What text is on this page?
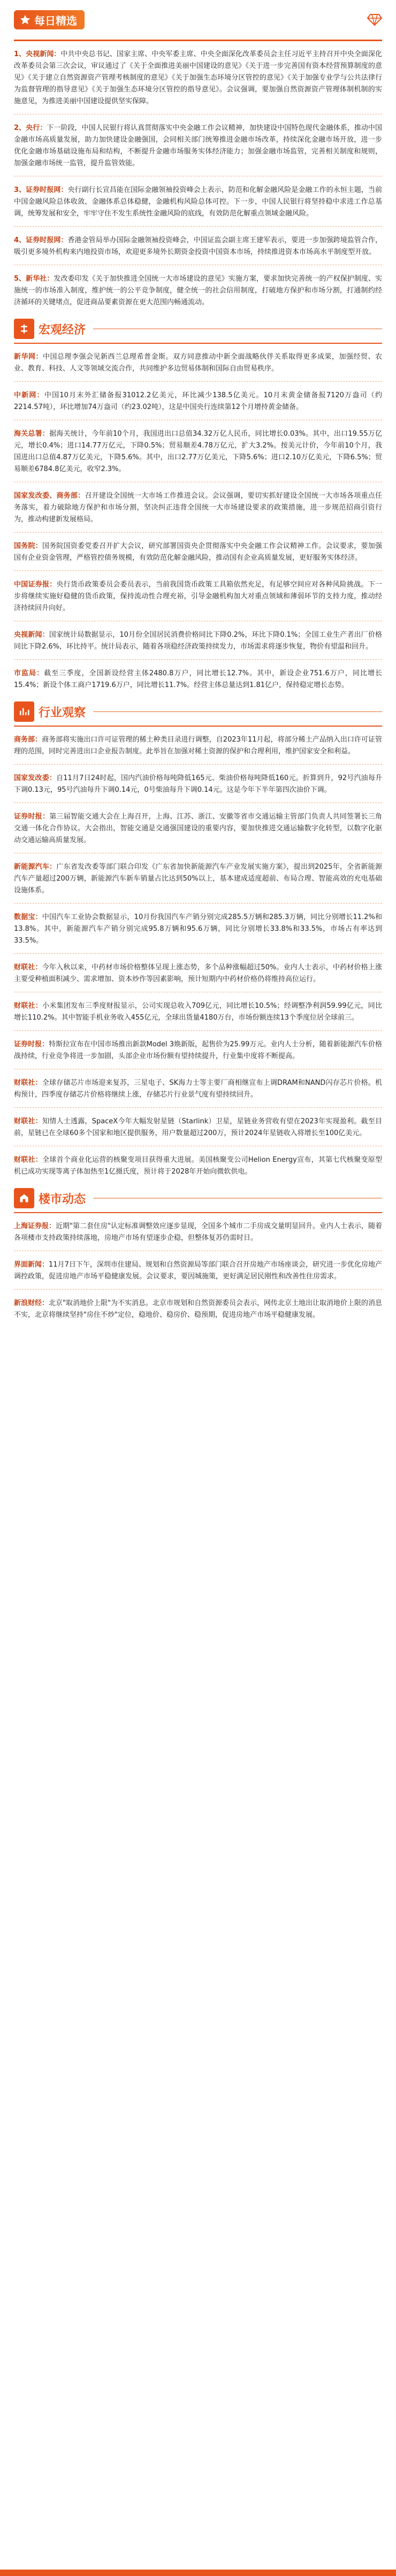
每日精选

1、央视新闻：中共中央总书记、国家主席、中央军委主席、中央全面深化改革委员会主任习近平主持召开中央全面深化改革委员会第三次会议，审议通过了《关于全面推进美丽中国建设的意见》《关于进一步完善国有资本经营预算制度的意见》《关于建立自然资源资产管理考核制度的意见》《关于加强生态环境分区管控的意见》《关于加强专业学与公共法律行为监督管理的指导意见》《关于加强生态环境分区管控的指导意见》。会议强调，要加强自然资源资产管理体制机制的实施意见，为推进美丽中国建设提供坚实保障。

2、央行：下一阶段，中国人民银行将认真贯彻落实中央金融工作会议精神，加快建设中国特色现代金融体系，推动中国金融市场高质量发展，助力加快建设金融强国，会同相关部门统筹推进金融市场改革，持续深化金融市场开放，进一步优化金融市场基础设施布局和结构，不断提升金融市场服务实体经济能力；加强金融市场监管，完善相关制度和规则，加强金融市场统一监管，提升监管效能。

3、证券时报网：央行副行长宣昌能在国际金融领袖投资峰会上表示，防范和化解金融风险是金融工作的永恒主题，当前中国金融风险总体收敛，金融体系总体稳健，金融机构风险总体可控。下一步，中国人民银行将坚持稳中求进工作总基调，统筹发展和安全，牢牢守住不发生系统性金融风险的底线，有效防范化解重点领域金融风险。

4、证券时报网：香港金管局举办国际金融领袖投资峰会，中国证监会副主席王建军表示，要进一步加强跨境监管合作，吸引更多境外机构来内地投资市场，欢迎更多境外长期资金投资中国资本市场，持续推进资本市场高水平制度型开放。

5、新华社：发改委印发《关于加快推进全国统一大市场建设的意见》实施方案，要求加快完善统一的产权保护制度、实施统一的市场准入制度，维护统一的公平竞争制度，健全统一的社会信用制度，打破地方保护和市场分割，打通制约经济循环的关键堵点，促进商品要素资源在更大范围内畅通流动。

宏观经济

新华网：中国总理李强会见新西兰总理希普金斯。双方同意推动中新全面战略伙伴关系取得更多成果，加强经贸、农业、教育、科技、人文等领域交流合作，共同维护多边贸易体制和国际自由贸易秩序。

中新网：中国10月末外汇储备报31012.2亿美元，环比减少138.5亿美元。10月末黄金储备报7120万盎司（约2214.57吨），环比增加74万盎司（约23.02吨），这是中国央行连续第12个月增持黄金储备。

海关总署：据海关统计，今年前10个月，我国进出口总值34.32万亿人民币，同比增长0.03%。其中，出口19.55万亿元，增长0.4%；进口14.77万亿元，下降0.5%；贸易顺差4.78万亿元，扩大3.2%。按美元计价，今年前10个月，我国进出口总值4.87万亿美元，下降5.6%。其中，出口2.77万亿美元，下降5.6%；进口2.10万亿美元，下降6.5%；贸易顺差6784.8亿美元，收窄2.3%。

国家发改委、商务部：召开建设全国统一大市场工作推进会议。会议强调，要切实抓好建设全国统一大市场各项重点任务落实，着力破除地方保护和市场分割，坚决纠正违背全国统一大市场建设要求的政策措施，进一步规范招商引资行为，推动构建新发展格局。

国务院：国务院国资委党委召开扩大会议，研究部署国资央企贯彻落实中央金融工作会议精神工作。会议要求，要加强国有企业资金管理，严格管控债务规模，有效防范化解金融风险，推动国有企业高质量发展，更好服务实体经济。

中国证券报：央行货币政策委员会委员表示，当前我国货币政策工具箱依然充足，有足够空间应对各种风险挑战。下一步将继续实施好稳健的货币政策，保持流动性合理充裕，引导金融机构加大对重点领域和薄弱环节的支持力度，推动经济持续回升向好。

央视新闻：国家统计局数据显示，10月份全国居民消费价格同比下降0.2%，环比下降0.1%；全国工业生产者出厂价格同比下降2.6%，环比持平。统计局表示，随着各项稳经济政策持续发力，市场需求将逐步恢复，物价有望温和回升。

市监局：截至三季度，全国新设经营主体2480.8万户，同比增长12.7%。其中，新设企业751.6万户，同比增长15.4%；新设个体工商户1719.6万户，同比增长11.7%。经营主体总量达到1.81亿户，保持稳定增长态势。

行业观察

商务部：商务部将实施出口许可证管理的稀土种类目录进行调整，自2023年11月起，将部分稀土产品纳入出口许可证管理的范围，同时完善进出口企业报告制度。此举旨在加强对稀土资源的保护和合理利用，维护国家安全和利益。

国家发改委：自11月7日24时起，国内汽油价格每吨降低165元、柴油价格每吨降低160元。折算到升，92号汽油每升下调0.13元，95号汽油每升下调0.14元，0号柴油每升下调0.14元。这是今年下半年第四次油价下调。

证券时报：第三届智能交通大会在上海召开，上海、江苏、浙江、安徽等省市交通运输主管部门负责人共同签署长三角交通一体化合作协议。大会指出，智能交通是交通强国建设的重要内容，要加快推进交通运输数字化转型，以数字化驱动交通运输高质量发展。

新能源汽车：广东省发改委等部门联合印发《广东省加快新能源汽车产业发展实施方案》，提出到2025年，全省新能源汽车产量超过200万辆，新能源汽车新车销量占比达到50%以上，基本建成适度超前、布局合理、智能高效的充电基础设施体系。

数据宝：中国汽车工业协会数据显示，10月份我国汽车产销分别完成285.5万辆和285.3万辆，同比分别增长11.2%和13.8%。其中，新能源汽车产销分别完成95.8万辆和95.6万辆，同比分别增长33.8%和33.5%，市场占有率达到33.5%。

财联社：今年入秋以来，中药材市场价格整体呈现上涨态势，多个品种涨幅超过50%。业内人士表示，中药材价格上涨主要受种植面积减少、需求增加、资本炒作等因素影响，预计短期内中药材价格仍将维持高位运行。

财联社：小米集团发布三季度财报显示，公司实现总收入709亿元，同比增长10.5%；经调整净利润59.99亿元，同比增长110.2%。其中智能手机业务收入455亿元，全球出货量4180万台，市场份额连续13个季度位居全球前三。

证券时报：特斯拉宣布在中国市场推出新款Model 3焕新版，起售价为25.99万元。业内人士分析，随着新能源汽车价格战持续，行业竞争将进一步加剧，头部企业市场份额有望持续提升，行业集中度将不断提高。

财联社：全球存储芯片市场迎来复苏，三星电子、SK海力士等主要厂商相继宣布上调DRAM和NAND闪存芯片价格。机构预计，四季度存储芯片价格将继续上涨，存储芯片行业景气度有望持续回升。

财联社：知情人士透露，SpaceX今年大幅发射星链（Starlink）卫星，星链业务营收有望在2023年实现盈利。截至目前，星链已在全球60多个国家和地区提供服务，用户数量超过200万，预计2024年星链收入将增长至100亿美元。

财联社：全球首个商业化运营的核聚变项目获得重大进展。美国核聚变公司Helion Energy宣布，其第七代核聚变原型机已成功实现等离子体加热至1亿摄氏度，预计将于2028年开始向微软供电。

楼市动态

上海证券报：近期"第二套住房"认定标准调整效应逐步显现，全国多个城市二手房成交量明显回升。业内人士表示，随着各项楼市支持政策持续落地，房地产市场有望逐步企稳，但整体复苏仍需时日。

界面新闻：11月7日下午，深圳市住建局、规划和自然资源局等部门联合召开房地产市场座谈会，研究进一步优化房地产调控政策，促进房地产市场平稳健康发展。会议要求，要因城施策，更好满足居民刚性和改善性住房需求。

新浪财经：北京"取消地价上限"为不实消息。北京市规划和自然资源委员会表示，网传北京土地出让取消地价上限的消息不实，北京将继续坚持"房住不炒"定位，稳地价、稳房价、稳预期，促进房地产市场平稳健康发展。
